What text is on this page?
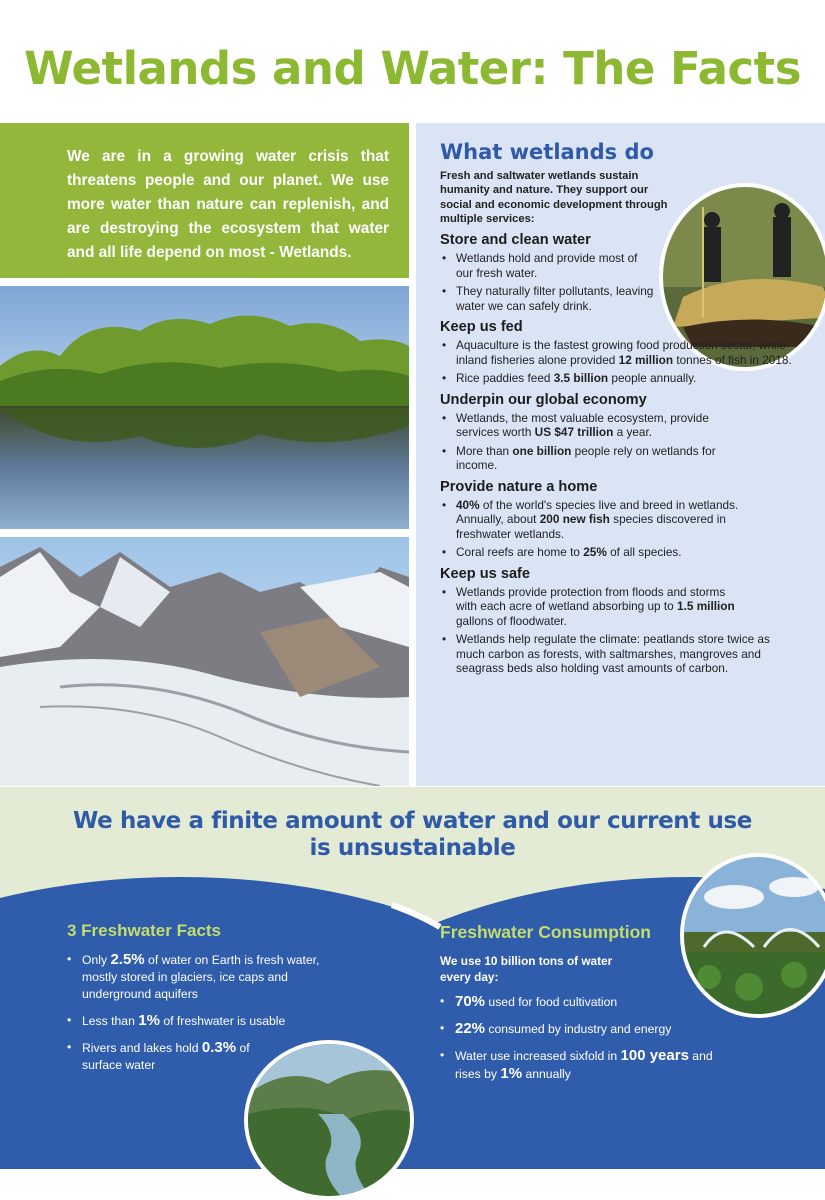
Wetlands and Water: The Facts

We are in a growing water crisis that threatens people and our planet. We use more water than nature can replenish, and are destroying the ecosystem that water and all life depend on most - Wetlands.

What wetlands do

Fresh and saltwater wetlands sustain humanity and nature. They support our social and economic development through multiple services:

Store and clean water
• Wetlands hold and provide most of our fresh water.
• They naturally filter pollutants, leaving water we can safely drink.
Keep us fed
• Aquaculture is the fastest growing food production sector, while inland fisheries alone provided 12 million tonnes of fish in 2018.
• Rice paddies feed 3.5 billion people annually.
Underpin our global economy
• Wetlands, the most valuable ecosystem, provide services worth US $47 trillion a year.
• More than one billion people rely on wetlands for income.
Provide nature a home
• 40% of the world's species live and breed in wetlands. Annually, about 200 new fish species discovered in freshwater wetlands.
• Coral reefs are home to 25% of all species.
Keep us safe
• Wetlands provide protection from floods and storms with each acre of wetland absorbing up to 1.5 million gallons of floodwater.
• Wetlands help regulate the climate: peatlands store twice as much carbon as forests, with saltmarshes, mangroves and seagrass beds also holding vast amounts of carbon.
We have a finite amount of water and our current use
is unsustainable
3 Freshwater Facts
• Only 2.5% of water on Earth is fresh water, mostly stored in glaciers, ice caps and underground aquifers
• Less than 1% of freshwater is usable
• Rivers and lakes hold 0.3% of surface water
Freshwater Consumption

We use 10 billion tons of water every day:

• 70% used for food cultivation
• 22% consumed by industry and energy
• Water use increased sixfold in 100 years and rises by 1% annually
